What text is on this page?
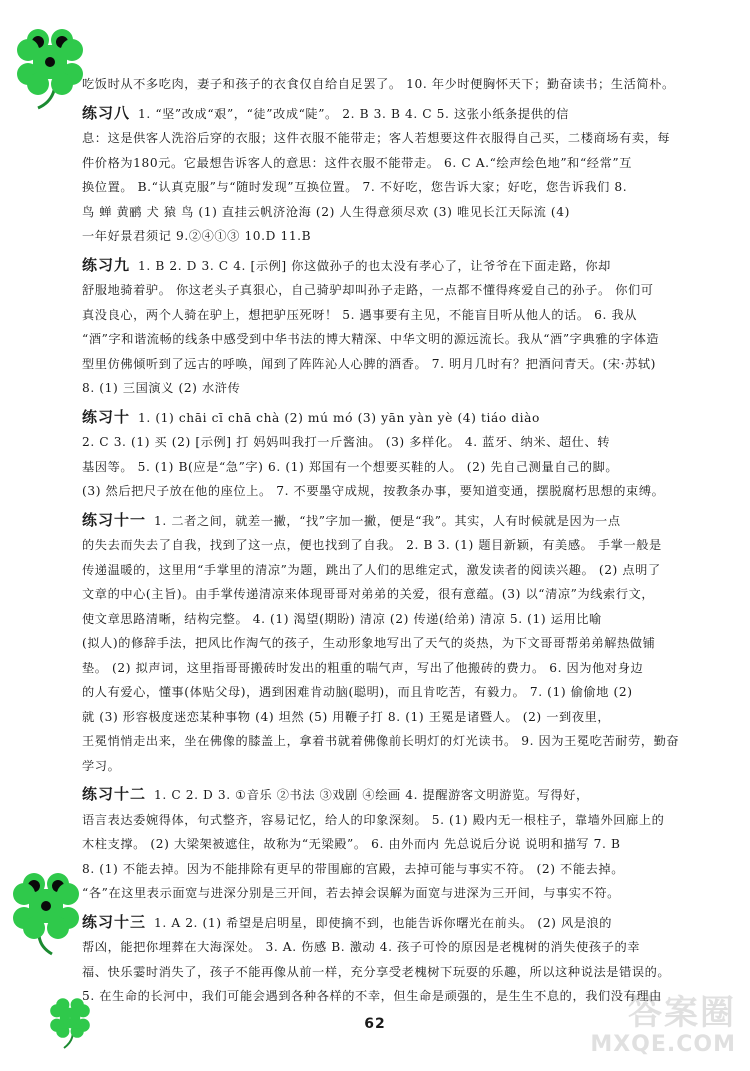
吃饭时从不多吃肉，妻子和孩子的衣食仅自给自足罢了。 10. 年少时便胸怀天下；勤奋读书；生活简朴。

练习八 1. “坚”改成“艰”，“徒”改成“陡”。 2. B 3. B 4. C 5. 这张小纸条提供的信

息：这是供客人洗浴后穿的衣服；这件衣服不能带走；客人若想要这件衣服得自己买，二楼商场有卖，每

件价格为180元。它最想告诉客人的意思：这件衣服不能带走。 6. C A.“绘声绘色地”和“经常”互

换位置。 B.“认真克服”与“随时发现”互换位置。 7. 不好吃，您告诉大家；好吃，您告诉我们 8.

鸟 蝉 黄鹂 犬 猿 鸟 (1) 直挂云帆济沧海 (2) 人生得意须尽欢 (3) 唯见长江天际流 (4)

一年好景君须记 9.②④①③ 10.D 11.B

练习九 1. B 2. D 3. C 4. [示例] 你这做孙子的也太没有孝心了，让爷爷在下面走路，你却

舒服地骑着驴。 你这老头子真狠心，自己骑驴却叫孙子走路，一点都不懂得疼爱自己的孙子。 你们可

真没良心，两个人骑在驴上，想把驴压死呀！ 5. 遇事要有主见，不能盲目听从他人的话。 6. 我从

“酒”字和谐流畅的线条中感受到中华书法的博大精深、中华文明的源远流长。我从“酒”字典雅的字体造

型里仿佛倾听到了远古的呼唤，闻到了阵阵沁人心脾的酒香。 7. 明月几时有？把酒问青天。(宋·苏轼)

8. (1) 三国演义 (2) 水浒传

练习十 1. (1) chāi cī chā chà (2) mú mó (3) yān yàn yè (4) tiáo diào

2. C 3. (1) 买 (2) [示例] 打 妈妈叫我打一斤酱油。 (3) 多样化。 4. 蓝牙、纳米、超仕、转

基因等。 5. (1) B(应是“急”字) 6. (1) 郑国有一个想要买鞋的人。 (2) 先自己测量自己的脚。

(3) 然后把尺子放在他的座位上。 7. 不要墨守成规，按教条办事，要知道变通，摆脱腐朽思想的束缚。

练习十一 1. 二者之间，就差一撇，“找”字加一撇，便是“我”。其实，人有时候就是因为一点

的失去而失去了自我，找到了这一点，便也找到了自我。 2. B 3. (1) 题目新颖，有美感。 手掌一般是

传递温暖的，这里用“手掌里的清凉”为题，跳出了人们的思维定式，激发读者的阅读兴趣。 (2) 点明了

文章的中心(主旨)。由手掌传递清凉来体现哥哥对弟弟的关爱，很有意蕴。(3) 以“清凉”为线索行文，

使文章思路清晰，结构完整。 4. (1) 渴望(期盼) 清凉 (2) 传递(给弟) 清凉 5. (1) 运用比喻

(拟人)的修辞手法，把风比作淘气的孩子，生动形象地写出了天气的炎热，为下文哥哥帮弟弟解热做铺

垫。 (2) 拟声词，这里指哥哥搬砖时发出的粗重的喘气声，写出了他搬砖的费力。 6. 因为他对身边

的人有爱心，懂事(体贴父母)，遇到困难肯动脑(聪明)，而且肯吃苦，有毅力。 7. (1) 偷偷地 (2)

就 (3) 形容极度迷恋某种事物 (4) 坦然 (5) 用鞭子打 8. (1) 王冕是诸暨人。 (2) 一到夜里，

王冕悄悄走出来，坐在佛像的膝盖上，拿着书就着佛像前长明灯的灯光读书。 9. 因为王冕吃苦耐劳，勤奋

学习。

练习十二 1. C 2. D 3. ①音乐 ②书法 ③戏剧 ④绘画 4. 提醒游客文明游览。写得好，

语言表达委婉得体，句式整齐，容易记忆，给人的印象深刻。 5. (1) 殿内无一根柱子，靠墙外回廊上的

木柱支撑。 (2) 大梁架被遮住，故称为“无梁殿”。 6. 由外而内 先总说后分说 说明和描写 7. B

8. (1) 不能去掉。因为不能排除有更早的带围廊的宫殿，去掉可能与事实不符。 (2) 不能去掉。

“各”在这里表示面宽与进深分别是三开间，若去掉会误解为面宽与进深为三开间，与事实不符。

练习十三 1. A 2. (1) 希望是启明星，即使摘不到，也能告诉你曙光在前头。 (2) 风是浪的

帮凶，能把你埋葬在大海深处。 3. A. 伤感 B. 激动 4. 孩子可怜的原因是老槐树的消失使孩子的幸

福、快乐霎时消失了，孩子不能再像从前一样，充分享受老槐树下玩耍的乐趣，所以这种说法是错误的。

5. 在生命的长河中，我们可能会遇到各种各样的不幸，但生命是顽强的，是生生不息的，我们没有理由

62	答案圈
MXQE.COM
